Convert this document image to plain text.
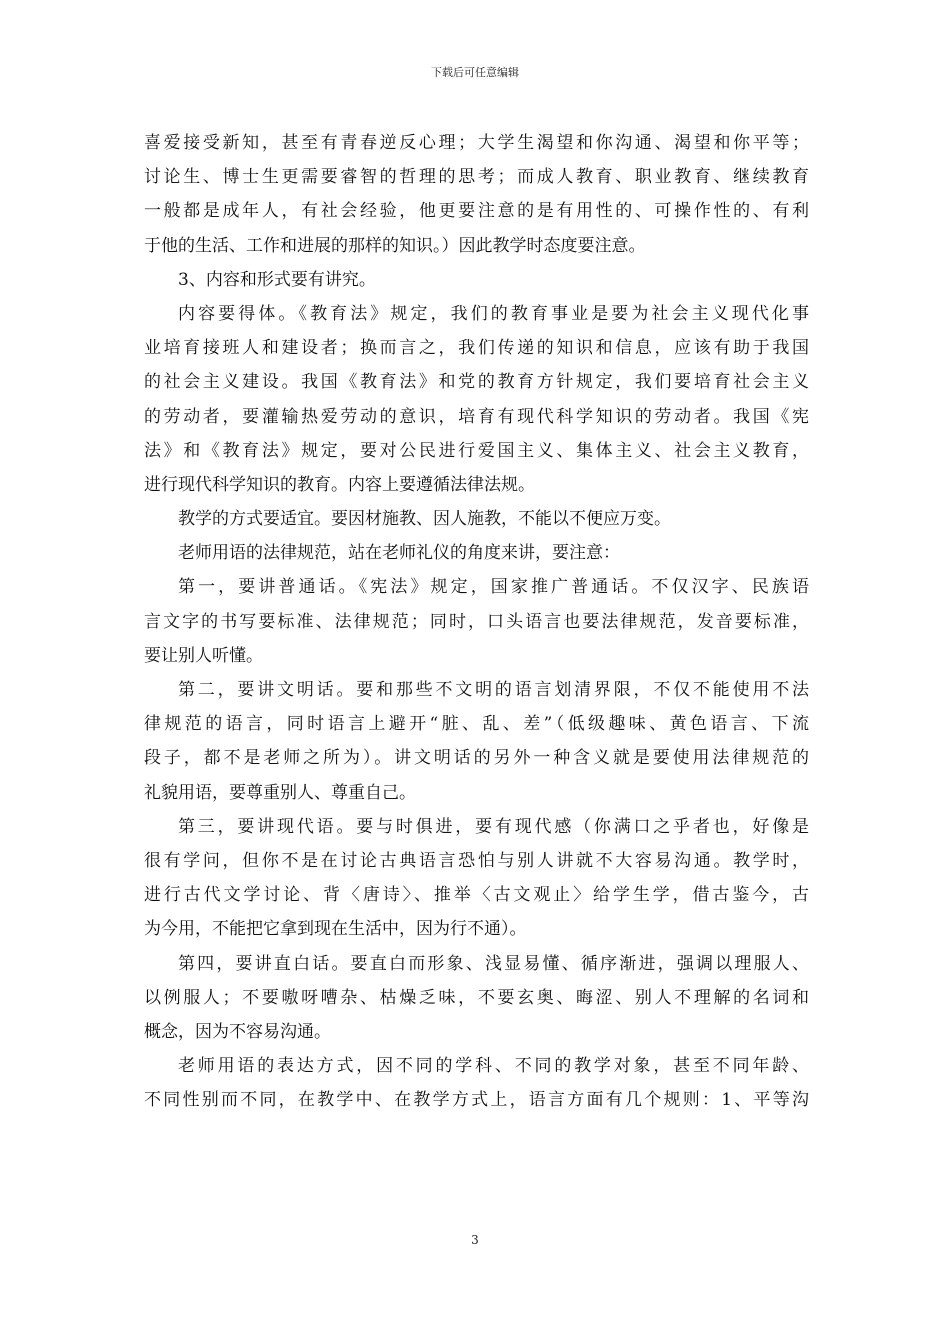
下载后可任意编辑
喜爱接受新知，甚至有青春逆反心理；大学生渴望和你沟通、渴望和你平等；
讨论生、博士生更需要睿智的哲理的思考；而成人教育、职业教育、继续教育
一般都是成年人，有社会经验，他更要注意的是有用性的、可操作性的、有利
于他的生活、工作和进展的那样的知识。）因此教学时态度要注意。
3、内容和形式要有讲究。
内容要得体。《教育法》规定，我们的教育事业是要为社会主义现代化事
业培育接班人和建设者；换而言之，我们传递的知识和信息，应该有助于我国
的社会主义建设。我国《教育法》和党的教育方针规定，我们要培育社会主义
的劳动者，要灌输热爱劳动的意识，培育有现代科学知识的劳动者。我国《宪
法》和《教育法》规定，要对公民进行爱国主义、集体主义、社会主义教育，
进行现代科学知识的教育。内容上要遵循法律法规。
教学的方式要适宜。要因材施教、因人施教，不能以不便应万变。
老师用语的法律规范，站在老师礼仪的角度来讲，要注意：
第一，要讲普通话。《宪法》规定，国家推广普通话。不仅汉字、民族语
言文字的书写要标准、法律规范；同时，口头语言也要法律规范，发音要标准，
要让别人听懂。
第二，要讲文明话。要和那些不文明的语言划清界限，不仅不能使用不法
律规范的语言，同时语言上避开“脏、乱、差”（低级趣味、黄色语言、下流
段子，都不是老师之所为）。讲文明话的另外一种含义就是要使用法律规范的
礼貌用语，要尊重别人、尊重自己。
第三，要讲现代语。要与时俱进，要有现代感（你满口之乎者也，好像是
很有学问，但你不是在讨论古典语言恐怕与别人讲就不大容易沟通。教学时，
进行古代文学讨论、背〈唐诗〉、推举〈古文观止〉给学生学，借古鉴今，古
为今用，不能把它拿到现在生活中，因为行不通）。
第四，要讲直白话。要直白而形象、浅显易懂、循序渐进，强调以理服人、
以例服人；不要嗷呀嘈杂、枯燥乏味，不要玄奥、晦涩、别人不理解的名词和
概念，因为不容易沟通。
老师用语的表达方式，因不同的学科、不同的教学对象，甚至不同年龄、
不同性别而不同，在教学中、在教学方式上，语言方面有几个规则：1、平等沟
3
